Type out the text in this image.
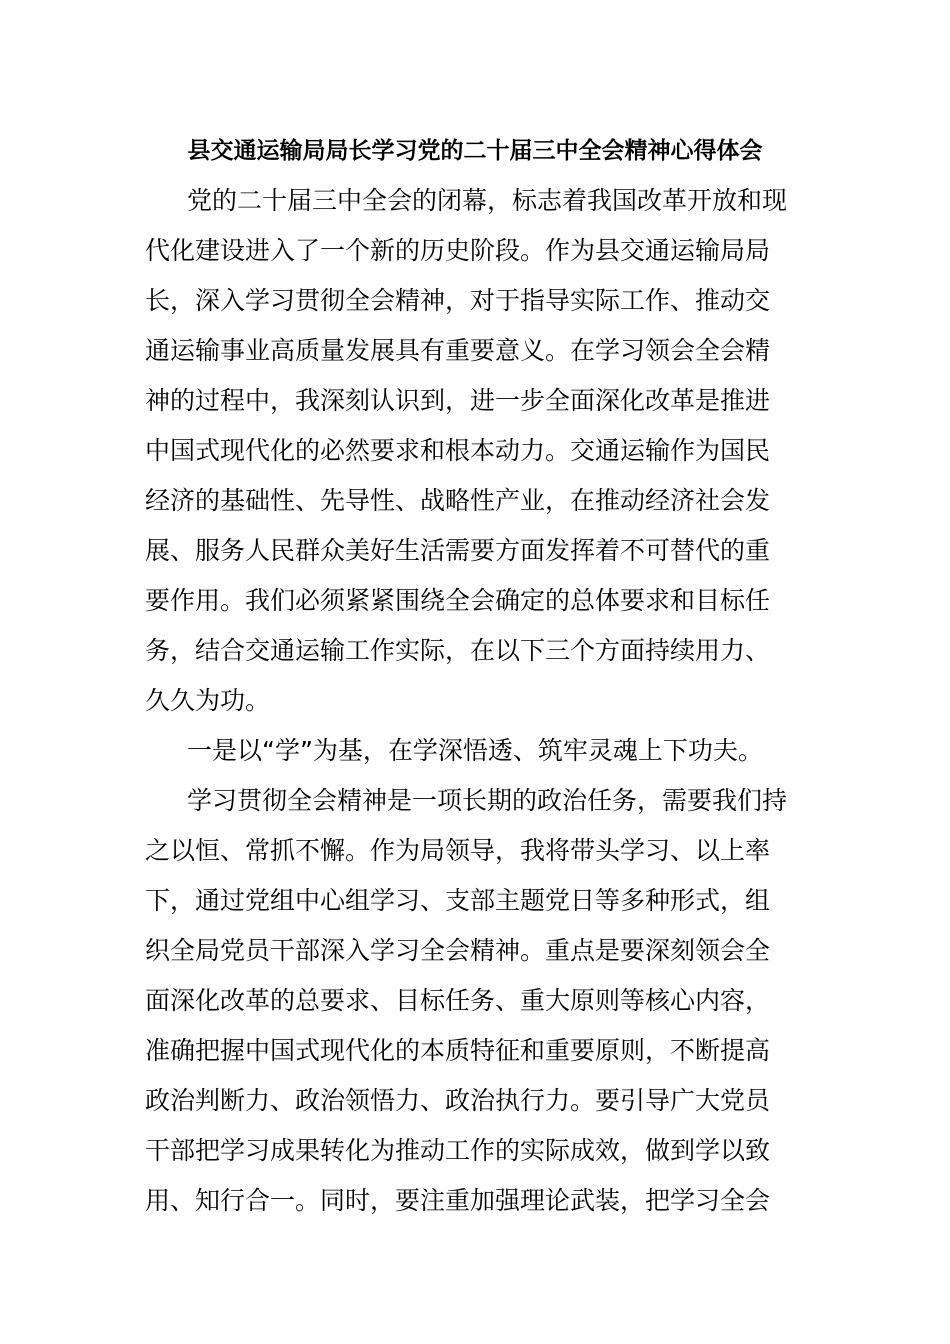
县交通运输局局长学习党的二十届三中全会精神心得体会
党的二十届三中全会的闭幕，标志着我国改革开放和现
代化建设进入了一个新的历史阶段。作为县交通运输局局
长，深入学习贯彻全会精神，对于指导实际工作、推动交
通运输事业高质量发展具有重要意义。在学习领会全会精
神的过程中，我深刻认识到，进一步全面深化改革是推进
中国式现代化的必然要求和根本动力。交通运输作为国民
经济的基础性、先导性、战略性产业，在推动经济社会发
展、服务人民群众美好生活需要方面发挥着不可替代的重
要作用。我们必须紧紧围绕全会确定的总体要求和目标任
务，结合交通运输工作实际，在以下三个方面持续用力、
久久为功。
一是以“学”为基，在学深悟透、筑牢灵魂上下功夫。
学习贯彻全会精神是一项长期的政治任务，需要我们持
之以恒、常抓不懈。作为局领导，我将带头学习、以上率
下，通过党组中心组学习、支部主题党日等多种形式，组
织全局党员干部深入学习全会精神。重点是要深刻领会全
面深化改革的总要求、目标任务、重大原则等核心内容，
准确把握中国式现代化的本质特征和重要原则，不断提高
政治判断力、政治领悟力、政治执行力。要引导广大党员
干部把学习成果转化为推动工作的实际成效，做到学以致
用、知行合一。同时，要注重加强理论武装，把学习全会
